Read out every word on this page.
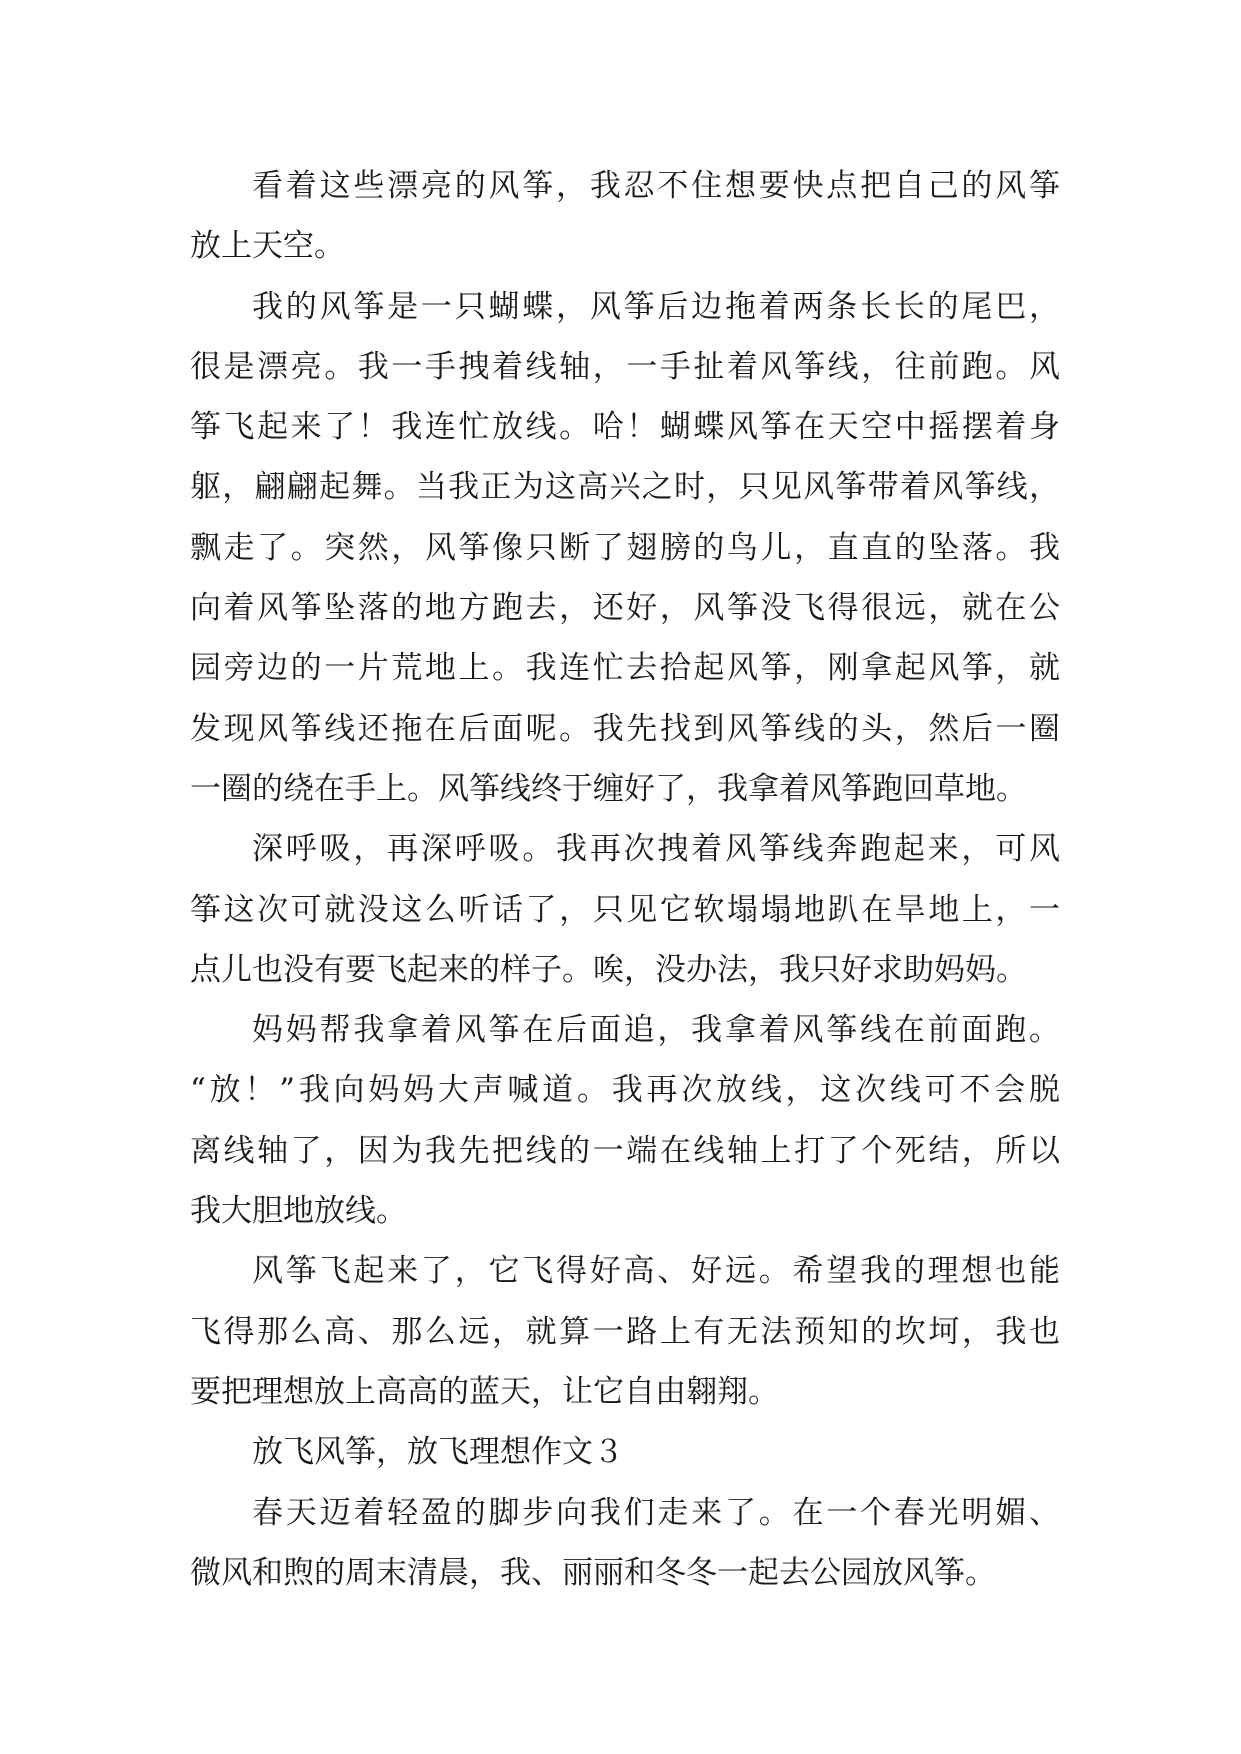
看着这些漂亮的风筝，我忍不住想要快点把自己的风筝
放上天空。
我的风筝是一只蝴蝶，风筝后边拖着两条长长的尾巴，
很是漂亮。我一手拽着线轴，一手扯着风筝线，往前跑。风
筝飞起来了！我连忙放线。哈！蝴蝶风筝在天空中摇摆着身
躯，翩翩起舞。当我正为这高兴之时，只见风筝带着风筝线，
飘走了。突然，风筝像只断了翅膀的鸟儿，直直的坠落。我
向着风筝坠落的地方跑去，还好，风筝没飞得很远，就在公
园旁边的一片荒地上。我连忙去拾起风筝，刚拿起风筝，就
发现风筝线还拖在后面呢。我先找到风筝线的头，然后一圈
一圈的绕在手上。风筝线终于缠好了，我拿着风筝跑回草地。
深呼吸，再深呼吸。我再次拽着风筝线奔跑起来，可风
筝这次可就没这么听话了，只见它软塌塌地趴在旱地上，一
点儿也没有要飞起来的样子。唉，没办法，我只好求助妈妈。
妈妈帮我拿着风筝在后面追，我拿着风筝线在前面跑。
“放！”我向妈妈大声喊道。我再次放线，这次线可不会脱
离线轴了，因为我先把线的一端在线轴上打了个死结，所以
我大胆地放线。
风筝飞起来了，它飞得好高、好远。希望我的理想也能
飞得那么高、那么远，就算一路上有无法预知的坎坷，我也
要把理想放上高高的蓝天，让它自由翱翔。
放飞风筝，放飞理想作文３
春天迈着轻盈的脚步向我们走来了。在一个春光明媚、
微风和煦的周末清晨，我、丽丽和冬冬一起去公园放风筝。
